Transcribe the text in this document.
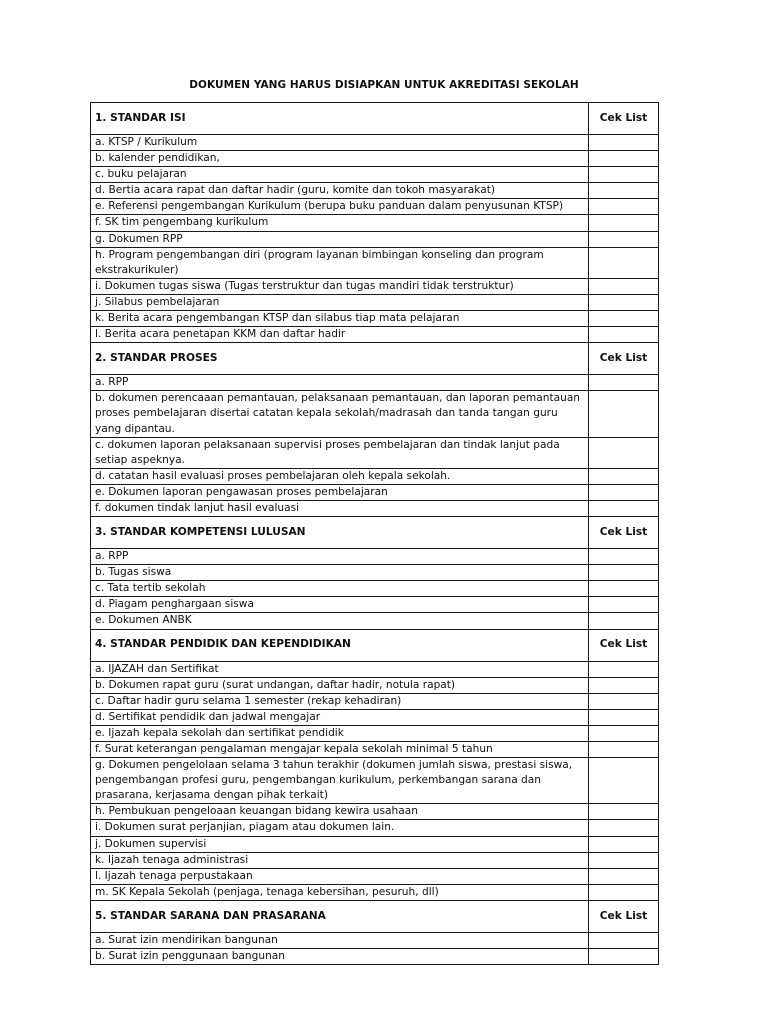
DOKUMEN YANG HARUS DISIAPKAN UNTUK AKREDITASI SEKOLAH
1. STANDAR ISI	Cek List
a. KTSP / Kurikulum	
b. kalender pendidikan,	
c. buku pelajaran	
d. Bertia acara rapat dan daftar hadir (guru, komite dan tokoh masyarakat)	
e. Referensi pengembangan Kurikulum (berupa buku panduan dalam penyusunan KTSP)	
f. SK tim pengembang kurikulum	
g. Dokumen RPP	
h. Program pengembangan diri (program layanan bimbingan konseling dan program ekstrakurikuler)	
i. Dokumen tugas siswa (Tugas terstruktur dan tugas mandiri tidak terstruktur)	
j. Silabus pembelajaran	
k. Berita acara pengembangan KTSP dan silabus tiap mata pelajaran	
l. Berita acara penetapan KKM dan daftar hadir	
2. STANDAR PROSES	Cek List
a. RPP	
b. dokumen perencaaan pemantauan, pelaksanaan pemantauan, dan laporan pemantauan proses pembelajaran disertai catatan kepala sekolah/madrasah dan tanda tangan guru yang dipantau.	
c. dokumen laporan pelaksanaan supervisi proses pembelajaran dan tindak lanjut pada setiap aspeknya.	
d. catatan hasil evaluasi proses pembelajaran oleh kepala sekolah.	
e. Dokumen laporan pengawasan proses pembelajaran	
f. dokumen tindak lanjut hasil evaluasi	
3. STANDAR KOMPETENSI LULUSAN	Cek List
a. RPP	
b. Tugas siswa	
c. Tata tertib sekolah	
d. Piagam penghargaan siswa	
e. Dokumen ANBK	
4. STANDAR PENDIDIK DAN KEPENDIDIKAN	Cek List
a. IJAZAH dan Sertifikat	
b. Dokumen rapat guru (surat undangan, daftar hadir, notula rapat)	
c. Daftar hadir guru selama 1 semester (rekap kehadiran)	
d. Sertifikat pendidik dan jadwal mengajar	
e. Ijazah kepala sekolah dan sertifikat pendidik	
f. Surat keterangan pengalaman mengajar kepala sekolah minimal 5 tahun	
g. Dokumen pengelolaan selama 3 tahun terakhir (dokumen jumlah siswa, prestasi siswa, pengembangan profesi guru, pengembangan kurikulum, perkembangan sarana dan prasarana, kerjasama dengan pihak terkait)	
h. Pembukuan pengeloaan keuangan bidang kewira usahaan	
i. Dokumen surat perjanjian, piagam atau dokumen lain.	
j. Dokumen supervisi	
k. Ijazah tenaga administrasi	
l. Ijazah tenaga perpustakaan	
m. SK Kepala Sekolah (penjaga, tenaga kebersihan, pesuruh, dll)	
5. STANDAR SARANA DAN PRASARANA	Cek List
a. Surat izin mendirikan bangunan	
b. Surat izin penggunaan bangunan	
